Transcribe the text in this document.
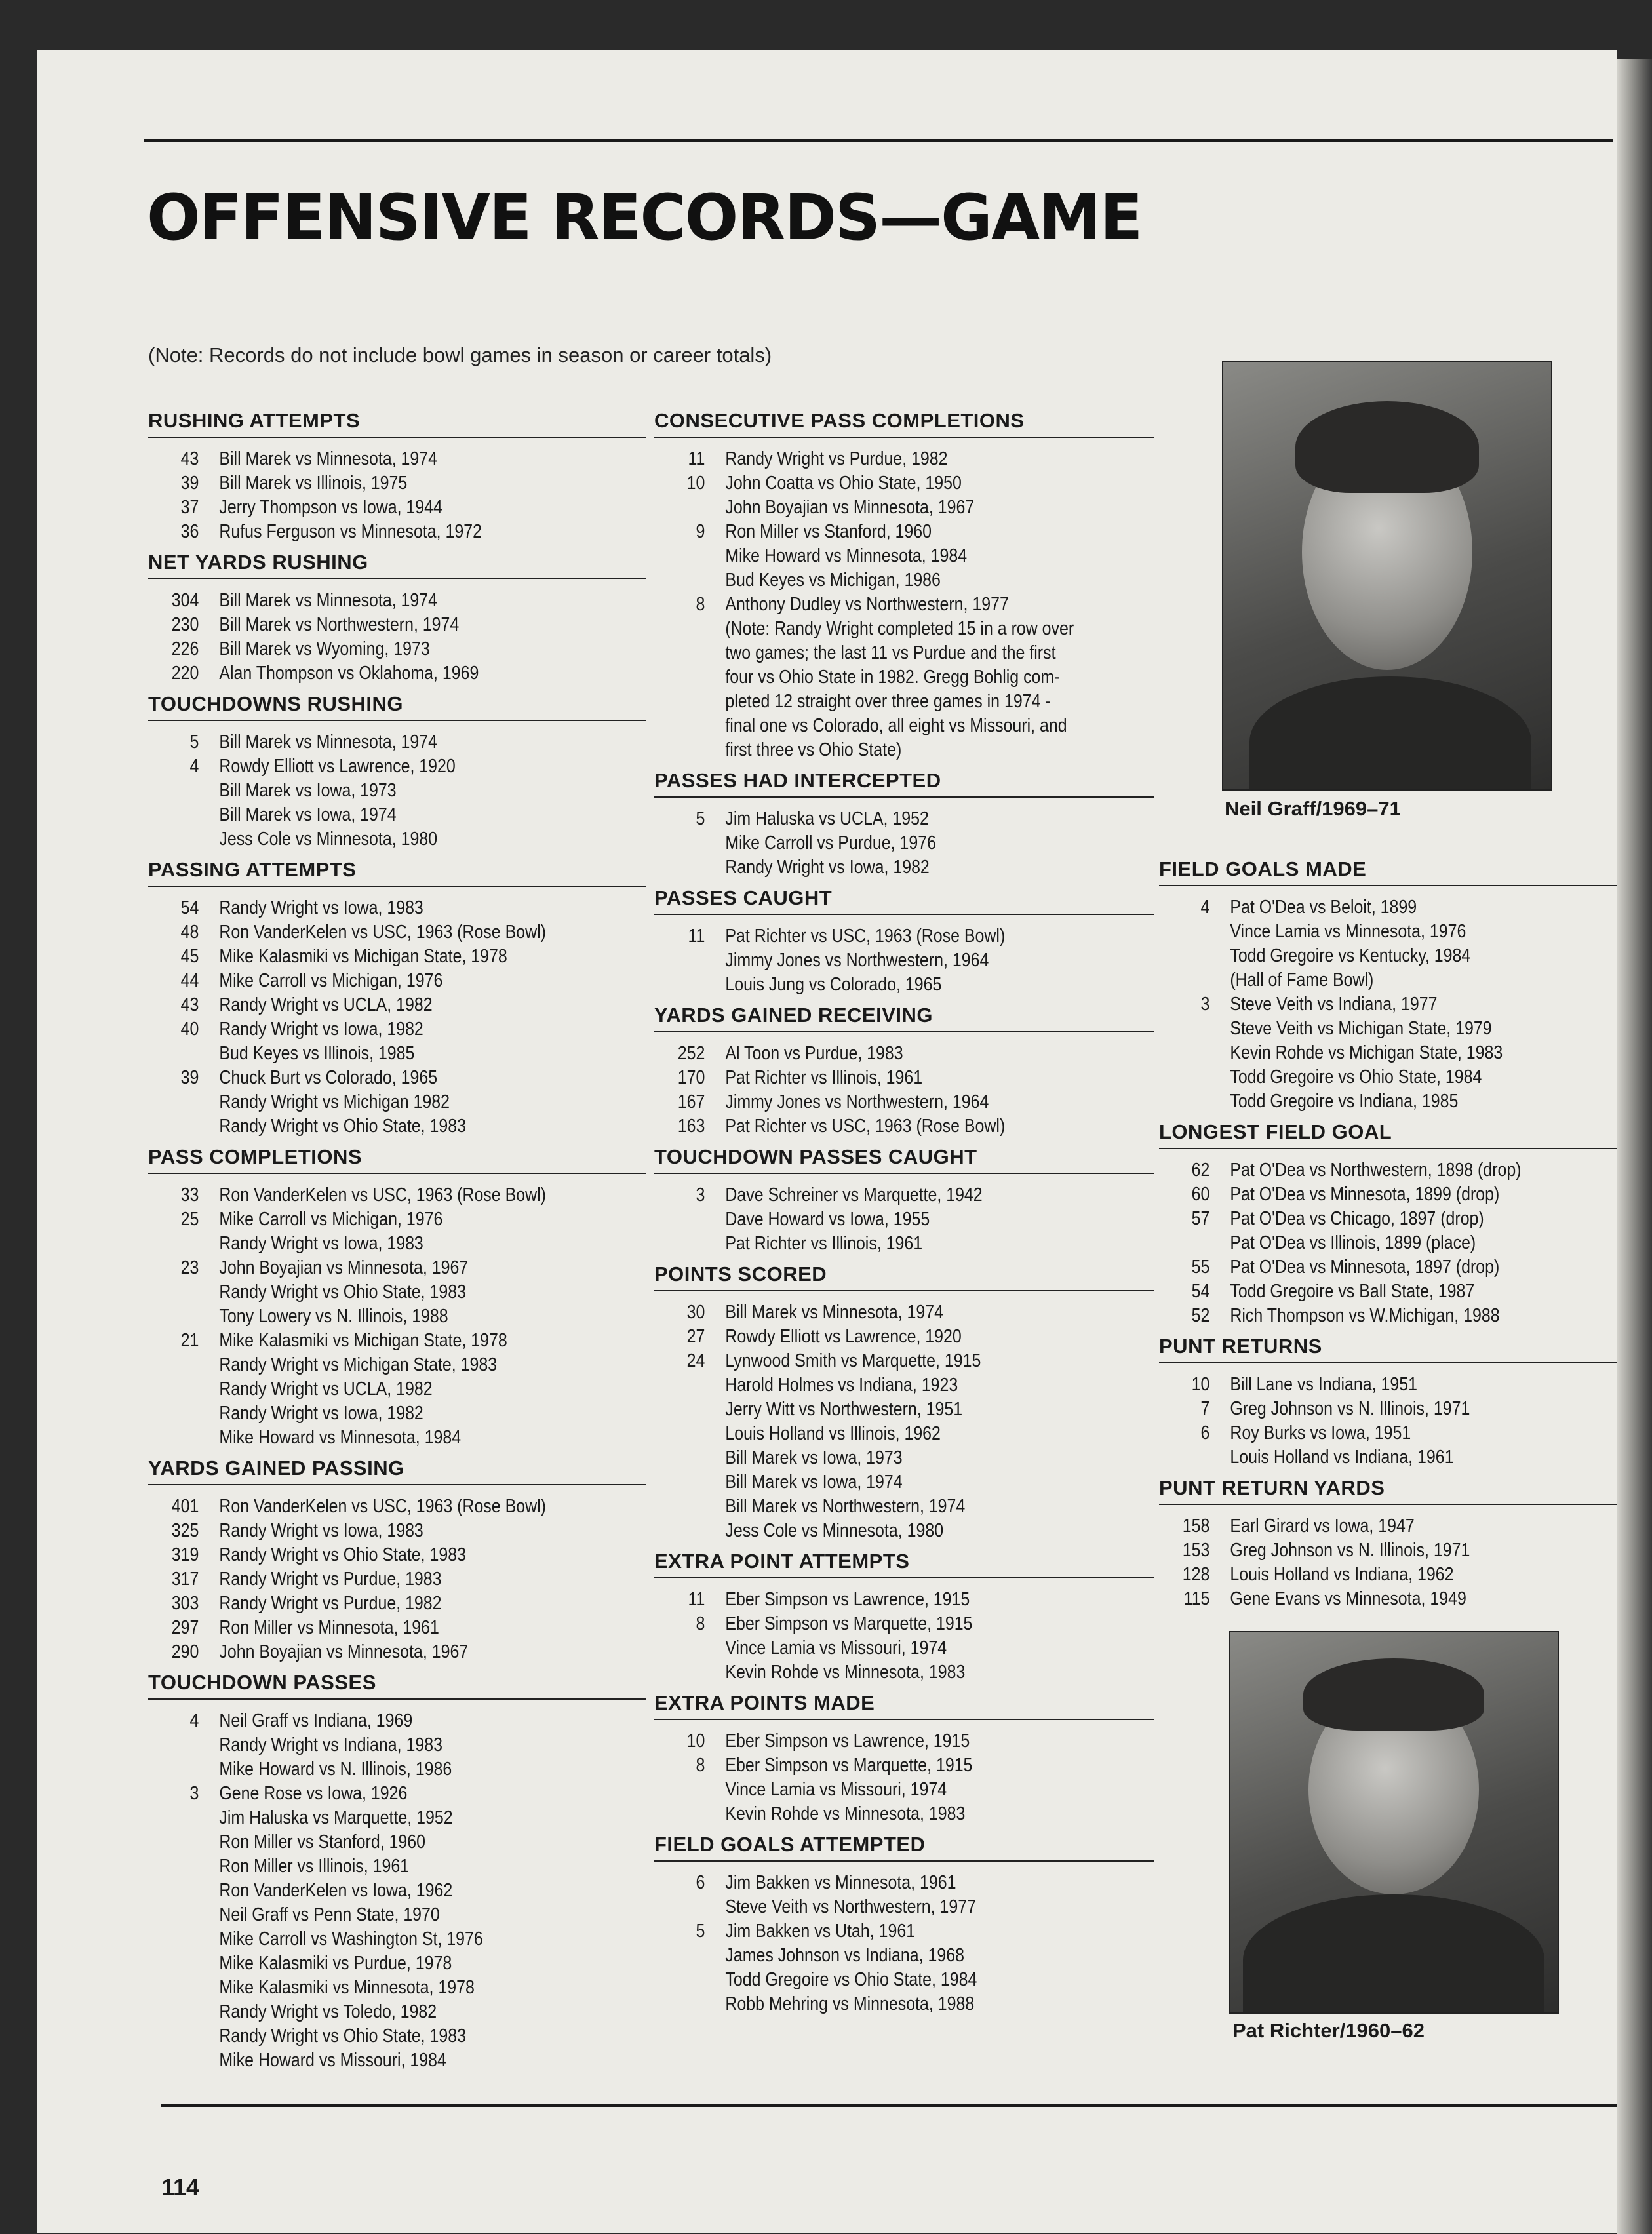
OFFENSIVE RECORDS—GAME
(Note: Records do not include bowl games in season or career totals)
RUSHING ATTEMPTS
43 Bill Marek vs Minnesota, 1974
39 Bill Marek vs Illinois, 1975
37 Jerry Thompson vs Iowa, 1944
36 Rufus Ferguson vs Minnesota, 1972
NET YARDS RUSHING
304 Bill Marek vs Minnesota, 1974
230 Bill Marek vs Northwestern, 1974
226 Bill Marek vs Wyoming, 1973
220 Alan Thompson vs Oklahoma, 1969
TOUCHDOWNS RUSHING
5 Bill Marek vs Minnesota, 1974
4 Rowdy Elliott vs Lawrence, 1920
Bill Marek vs Iowa, 1973
Bill Marek vs Iowa, 1974
Jess Cole vs Minnesota, 1980
PASSING ATTEMPTS
54 Randy Wright vs Iowa, 1983
48 Ron VanderKelen vs USC, 1963 (Rose Bowl)
45 Mike Kalasmiki vs Michigan State, 1978
44 Mike Carroll vs Michigan, 1976
43 Randy Wright vs UCLA, 1982
40 Randy Wright vs Iowa, 1982
Bud Keyes vs Illinois, 1985
39 Chuck Burt vs Colorado, 1965
Randy Wright vs Michigan 1982
Randy Wright vs Ohio State, 1983
PASS COMPLETIONS
33 Ron VanderKelen vs USC, 1963 (Rose Bowl)
25 Mike Carroll vs Michigan, 1976
Randy Wright vs Iowa, 1983
23 John Boyajian vs Minnesota, 1967
Randy Wright vs Ohio State, 1983
Tony Lowery vs N. Illinois, 1988
21 Mike Kalasmiki vs Michigan State, 1978
Randy Wright vs Michigan State, 1983
Randy Wright vs UCLA, 1982
Randy Wright vs Iowa, 1982
Mike Howard vs Minnesota, 1984
YARDS GAINED PASSING
401 Ron VanderKelen vs USC, 1963 (Rose Bowl)
325 Randy Wright vs Iowa, 1983
319 Randy Wright vs Ohio State, 1983
317 Randy Wright vs Purdue, 1983
303 Randy Wright vs Purdue, 1982
297 Ron Miller vs Minnesota, 1961
290 John Boyajian vs Minnesota, 1967
TOUCHDOWN PASSES
4 Neil Graff vs Indiana, 1969
Randy Wright vs Indiana, 1983
Mike Howard vs N. Illinois, 1986
3 Gene Rose vs Iowa, 1926
Jim Haluska vs Marquette, 1952
Ron Miller vs Stanford, 1960
Ron Miller vs Illinois, 1961
Ron VanderKelen vs Iowa, 1962
Neil Graff vs Penn State, 1970
Mike Carroll vs Washington St, 1976
Mike Kalasmiki vs Purdue, 1978
Mike Kalasmiki vs Minnesota, 1978
Randy Wright vs Toledo, 1982
Randy Wright vs Ohio State, 1983
Mike Howard vs Missouri, 1984
CONSECUTIVE PASS COMPLETIONS
11 Randy Wright vs Purdue, 1982
10 John Coatta vs Ohio State, 1950
John Boyajian vs Minnesota, 1967
9 Ron Miller vs Stanford, 1960
Mike Howard vs Minnesota, 1984
Bud Keyes vs Michigan, 1986
8 Anthony Dudley vs Northwestern, 1977
(Note: Randy Wright completed 15 in a row over
two games; the last 11 vs Purdue and the first
four vs Ohio State in 1982. Gregg Bohlig com-
pleted 12 straight over three games in 1974 -
final one vs Colorado, all eight vs Missouri, and
first three vs Ohio State)
PASSES HAD INTERCEPTED
5 Jim Haluska vs UCLA, 1952
Mike Carroll vs Purdue, 1976
Randy Wright vs Iowa, 1982
PASSES CAUGHT
11 Pat Richter vs USC, 1963 (Rose Bowl)
Jimmy Jones vs Northwestern, 1964
Louis Jung vs Colorado, 1965
YARDS GAINED RECEIVING
252 Al Toon vs Purdue, 1983
170 Pat Richter vs Illinois, 1961
167 Jimmy Jones vs Northwestern, 1964
163 Pat Richter vs USC, 1963 (Rose Bowl)
TOUCHDOWN PASSES CAUGHT
3 Dave Schreiner vs Marquette, 1942
Dave Howard vs Iowa, 1955
Pat Richter vs Illinois, 1961
POINTS SCORED
30 Bill Marek vs Minnesota, 1974
27 Rowdy Elliott vs Lawrence, 1920
24 Lynwood Smith vs Marquette, 1915
Harold Holmes vs Indiana, 1923
Jerry Witt vs Northwestern, 1951
Louis Holland vs Illinois, 1962
Bill Marek vs Iowa, 1973
Bill Marek vs Iowa, 1974
Bill Marek vs Northwestern, 1974
Jess Cole vs Minnesota, 1980
EXTRA POINT ATTEMPTS
11 Eber Simpson vs Lawrence, 1915
8 Eber Simpson vs Marquette, 1915
Vince Lamia vs Missouri, 1974
Kevin Rohde vs Minnesota, 1983
EXTRA POINTS MADE
10 Eber Simpson vs Lawrence, 1915
8 Eber Simpson vs Marquette, 1915
Vince Lamia vs Missouri, 1974
Kevin Rohde vs Minnesota, 1983
FIELD GOALS ATTEMPTED
6 Jim Bakken vs Minnesota, 1961
Steve Veith vs Northwestern, 1977
5 Jim Bakken vs Utah, 1961
James Johnson vs Indiana, 1968
Todd Gregoire vs Ohio State, 1984
Robb Mehring vs Minnesota, 1988
FIELD GOALS MADE
4 Pat O'Dea vs Beloit, 1899
Vince Lamia vs Minnesota, 1976
Todd Gregoire vs Kentucky, 1984
(Hall of Fame Bowl)
3 Steve Veith vs Indiana, 1977
Steve Veith vs Michigan State, 1979
Kevin Rohde vs Michigan State, 1983
Todd Gregoire vs Ohio State, 1984
Todd Gregoire vs Indiana, 1985
LONGEST FIELD GOAL
62 Pat O'Dea vs Northwestern, 1898 (drop)
60 Pat O'Dea vs Minnesota, 1899 (drop)
57 Pat O'Dea vs Chicago, 1897 (drop)
Pat O'Dea vs Illinois, 1899 (place)
55 Pat O'Dea vs Minnesota, 1897 (drop)
54 Todd Gregoire vs Ball State, 1987
52 Rich Thompson vs W.Michigan, 1988
PUNT RETURNS
10 Bill Lane vs Indiana, 1951
7 Greg Johnson vs N. Illinois, 1971
6 Roy Burks vs Iowa, 1951
Louis Holland vs Indiana, 1961
PUNT RETURN YARDS
158 Earl Girard vs Iowa, 1947
153 Greg Johnson vs N. Illinois, 1971
128 Louis Holland vs Indiana, 1962
115 Gene Evans vs Minnesota, 1949
Neil Graff/1969–71
Pat Richter/1960–62
114
